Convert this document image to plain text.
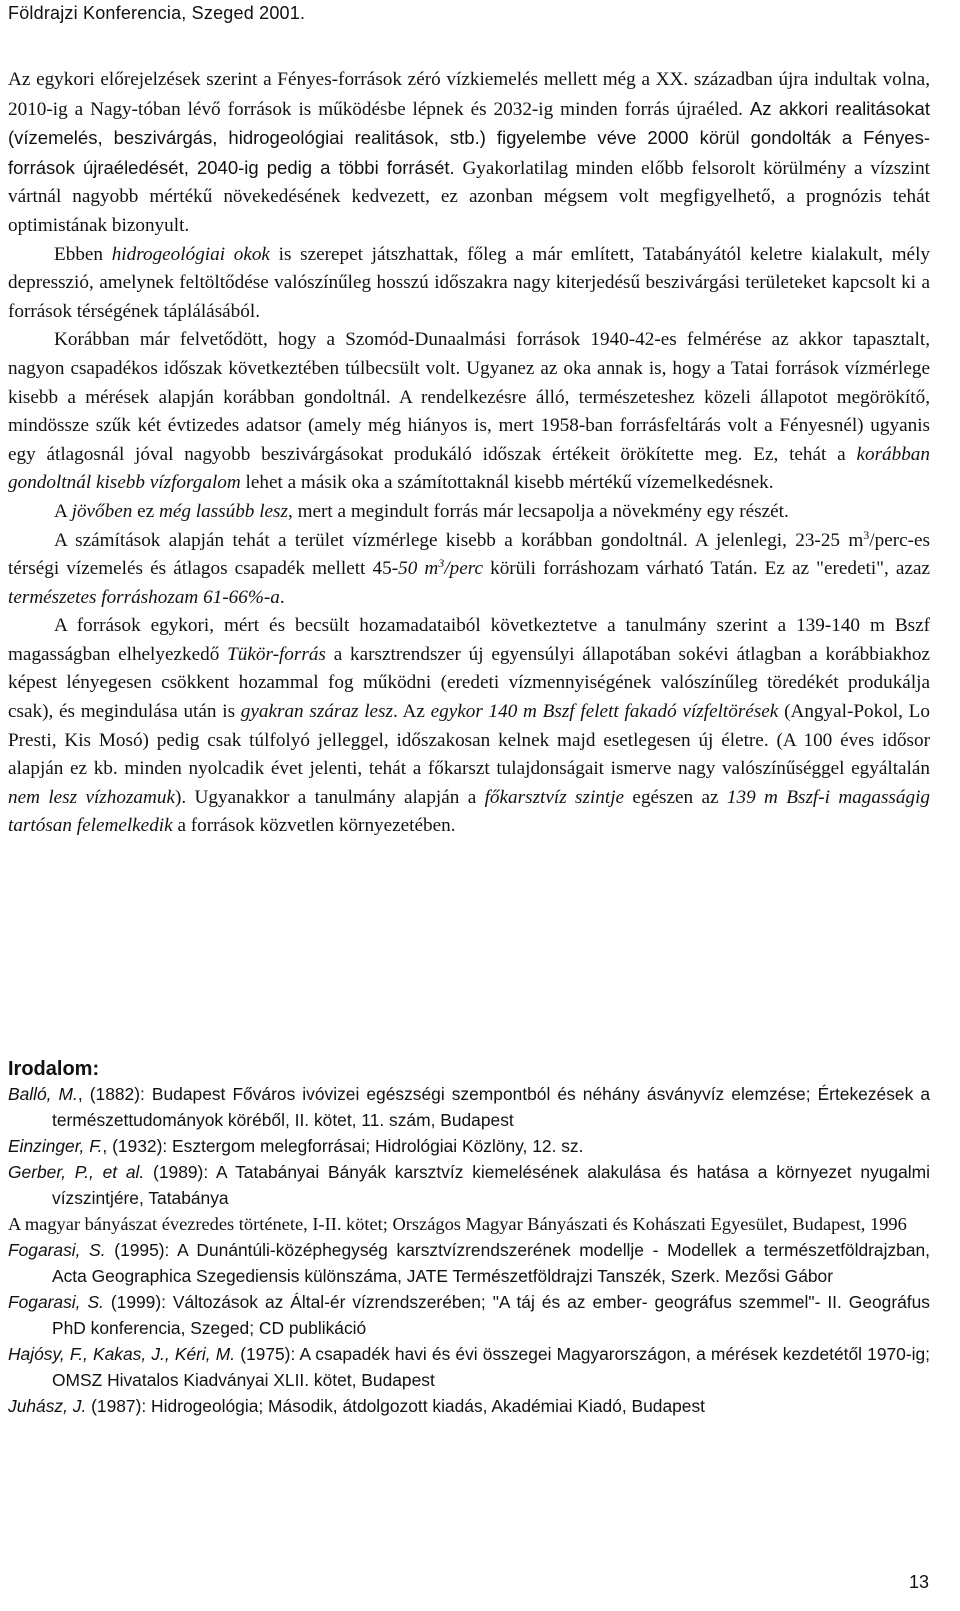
Földrajzi Konferencia, Szeged 2001.

Az egykori előrejelzések szerint a Fényes-források zéró vízkiemelés mellett még a XX. században újra indultak volna, 2010-ig a Nagy-tóban lévő források is működésbe lépnek és 2032-ig minden forrás újraéled. Az akkori realitásokat (vízemelés, beszivárgás, hidrogeológiai realitások, stb.) figyelembe véve 2000 körül gondolták a Fényes-források újraéledését, 2040-ig pedig a többi forrásét. Gyakorlatilag minden előbb felsorolt körülmény a vízszint vártnál nagyobb mértékű növekedésének kedvezett, ez azonban mégsem volt megfigyelhető, a prognózis tehát optimistának bizonyult.

Ebben hidrogeológiai okok is szerepet játszhattak, főleg a már említett, Tatabányától keletre kialakult, mély depresszió, amelynek feltöltődése valószínűleg hosszú időszakra nagy kiterjedésű beszivárgási területeket kapcsolt ki a források térségének táplálásából.

Korábban már felvetődött, hogy a Szomód-Dunaalmási források 1940-42-es felmérése az akkor tapasztalt, nagyon csapadékos időszak következtében túlbecsült volt. Ugyanez az oka annak is, hogy a Tatai források vízmérlege kisebb a mérések alapján korábban gondoltnál. A rendelkezésre álló, természeteshez közeli állapotot megörökítő, mindössze szűk két évtizedes adatsor (amely még hiányos is, mert 1958-ban forrásfeltárás volt a Fényesnél) ugyanis egy átlagosnál jóval nagyobb beszivárgásokat produkáló időszak értékeit örökítette meg. Ez, tehát a korábban gondoltnál kisebb vízforgalom lehet a másik oka a számítottaknál kisebb mértékű vízemelkedésnek.

A jövőben ez még lassúbb lesz, mert a megindult forrás már lecsapolja a növekmény egy részét.

A számítások alapján tehát a terület vízmérlege kisebb a korábban gondoltnál. A jelenlegi, 23-25 $m^3/perc-es$ térségi vízemelés és átlagos csapadék mellett 45-50 $m^3$/perc körüli forráshozam várható Tatán. Ez az "eredeti", azaz természetes forráshozam 61-66%-a.

A források egykori, mért és becsült hozamadataiból következtetve a tanulmány szerint a 139-140 m Bszf magasságban elhelyezkedő Tükör-forrás a karsztrendszer új egyensúlyi állapotában sokévi átlagban a korábbiakhoz képest lényegesen csökkent hozammal fog működni (eredeti vízmennyiségének valószínűleg töredékét produkálja csak), és megindulása után is gyakran száraz lesz. Az egykor 140 m Bszf felett fakadó vízfeltörések (Angyal-Pokol, Lo Presti, Kis Mosó) pedig csak túlfolyó jelleggel, időszakosan kelnek majd esetlegesen új életre. (A 100 éves idősor alapján ez kb. minden nyolcadik évet jelenti, tehát a főkarszt tulajdonságait ismerve nagy valószínűséggel egyáltalán nem lesz vízhozamuk). Ugyanakkor a tanulmány alapján a főkarsztvíz szintje egészen az 139 m Bszf-i magasságig tartósan felemelkedik a források közvetlen környezetében.

Irodalom:

Balló, M., (1882): Budapest Főváros ivóvizei egészségi szempontból és néhány ásványvíz elemzése; Értekezések a természettudományok köréből, II. kötet, 11. szám, Budapest

Einzinger, F., (1932): Esztergom melegforrásai; Hidrológiai Közlöny, 12. sz.

Gerber, P., et al. (1989): A Tatabányai Bányák karsztvíz kiemelésének alakulása és hatása a környezet nyugalmi vízszintjére, Tatabánya

A magyar bányászat évezredes története, I-II. kötet; Országos Magyar Bányászati és Kohászati Egyesület, Budapest, 1996

Fogarasi, S. (1995): A Dunántúli-középhegység karsztvízrendszerének modellje - Modellek a természetföldrajzban, Acta Geographica Szegediensis különszáma, JATE Természetföldrajzi Tanszék, Szerk. Mezősi Gábor

Fogarasi, S. (1999): Változások az Által-ér vízrendszerében; "A táj és az ember- geográfus szemmel"- II. Geográfus PhD konferencia, Szeged; CD publikáció

Hajósy, F., Kakas, J., Kéri, M. (1975): A csapadék havi és évi összegei Magyarországon, a mérések kezdetétől 1970-ig; OMSZ Hivatalos Kiadványai XLII. kötet, Budapest

Juhász, J. (1987): Hidrogeológia; Második, átdolgozott kiadás, Akadémiai Kiadó, Budapest

13
